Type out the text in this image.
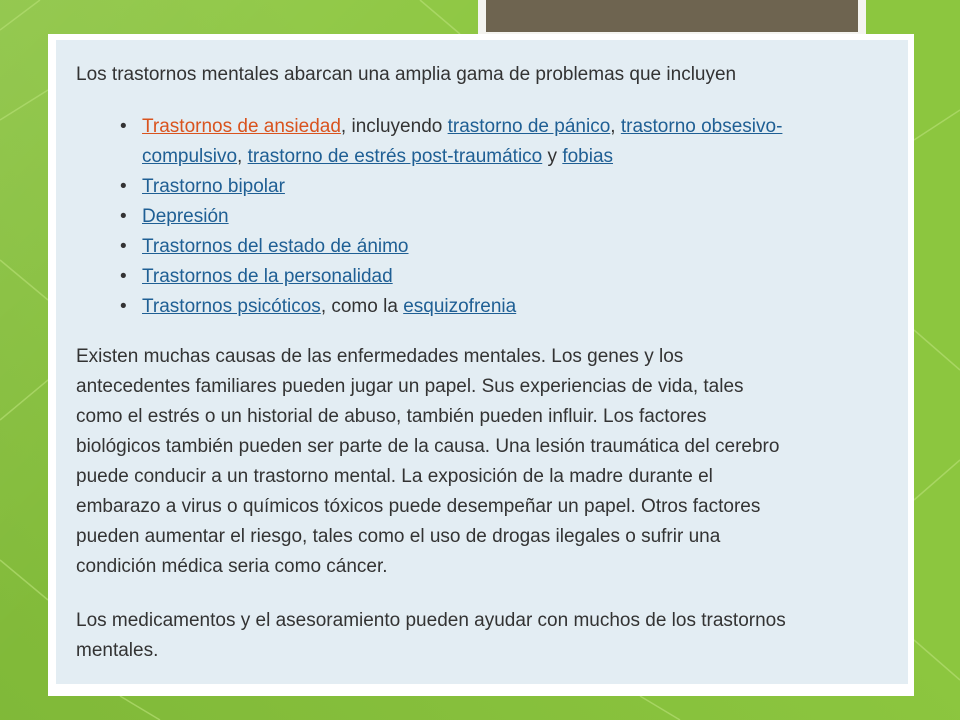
Los trastornos mentales abarcan una amplia gama de problemas que incluyen

• Trastornos de ansiedad, incluyendo trastorno de pánico, trastorno obsesivo-
compulsivo, trastorno de estrés post-traumático y fobias
• Trastorno bipolar
• Depresión
• Trastornos del estado de ánimo
• Trastornos de la personalidad
• Trastornos psicóticos, como la esquizofrenia

Existen muchas causas de las enfermedades mentales. Los genes y los
antecedentes familiares pueden jugar un papel. Sus experiencias de vida, tales
como el estrés o un historial de abuso, también pueden influir. Los factores
biológicos también pueden ser parte de la causa. Una lesión traumática del cerebro
puede conducir a un trastorno mental. La exposición de la madre durante el
embarazo a virus o químicos tóxicos puede desempeñar un papel. Otros factores
pueden aumentar el riesgo, tales como el uso de drogas ilegales o sufrir una
condición médica seria como cáncer.

Los medicamentos y el asesoramiento pueden ayudar con muchos de los trastornos
mentales.
